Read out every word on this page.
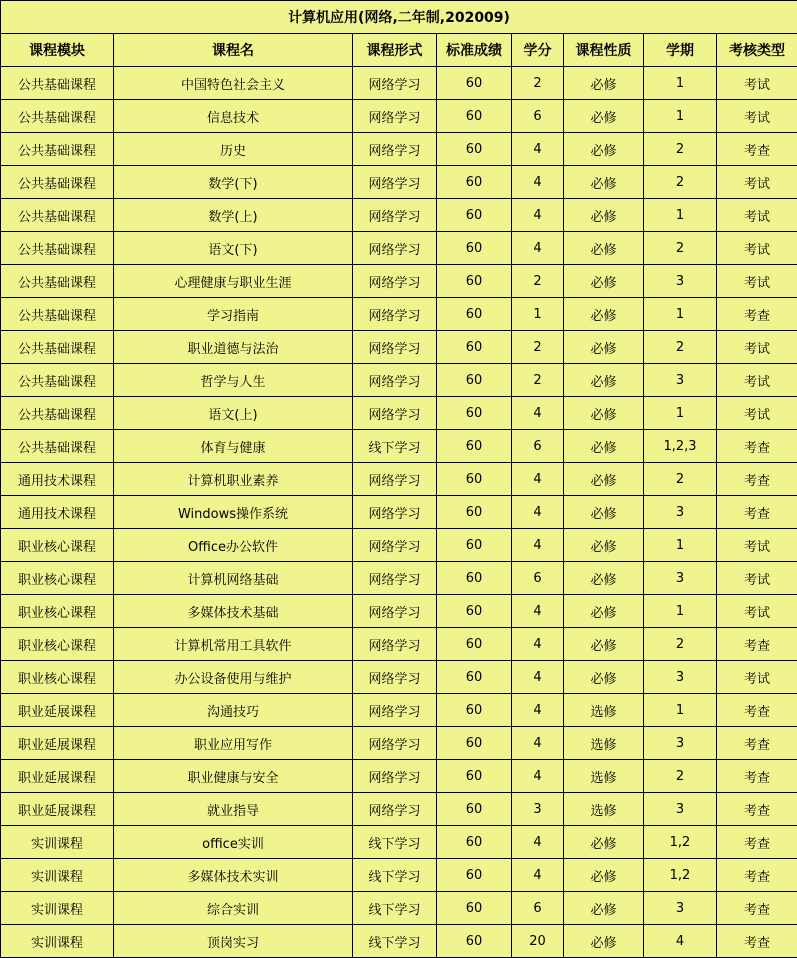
计算机应用(网络,二年制,202009)							
课程模块	课程名	课程形式	标准成绩	学分	课程性质	学期	考核类型
公共基础课程	中国特色社会主义	网络学习	60	2	必修	1	考试
公共基础课程	信息技术	网络学习	60	6	必修	1	考试
公共基础课程	历史	网络学习	60	4	必修	2	考查
公共基础课程	数学(下)	网络学习	60	4	必修	2	考试
公共基础课程	数学(上)	网络学习	60	4	必修	1	考试
公共基础课程	语文(下)	网络学习	60	4	必修	2	考试
公共基础课程	心理健康与职业生涯	网络学习	60	2	必修	3	考试
公共基础课程	学习指南	网络学习	60	1	必修	1	考查
公共基础课程	职业道德与法治	网络学习	60	2	必修	2	考试
公共基础课程	哲学与人生	网络学习	60	2	必修	3	考试
公共基础课程	语文(上)	网络学习	60	4	必修	1	考试
公共基础课程	体育与健康	线下学习	60	6	必修	1,2,3	考查
通用技术课程	计算机职业素养	网络学习	60	4	必修	2	考查
通用技术课程	Windows操作系统	网络学习	60	4	必修	3	考查
职业核心课程	Office办公软件	网络学习	60	4	必修	1	考试
职业核心课程	计算机网络基础	网络学习	60	6	必修	3	考试
职业核心课程	多媒体技术基础	网络学习	60	4	必修	1	考试
职业核心课程	计算机常用工具软件	网络学习	60	4	必修	2	考查
职业核心课程	办公设备使用与维护	网络学习	60	4	必修	3	考试
职业延展课程	沟通技巧	网络学习	60	4	选修	1	考查
职业延展课程	职业应用写作	网络学习	60	4	选修	3	考查
职业延展课程	职业健康与安全	网络学习	60	4	选修	2	考查
职业延展课程	就业指导	网络学习	60	3	选修	3	考查
实训课程	office实训	线下学习	60	4	必修	1,2	考查
实训课程	多媒体技术实训	线下学习	60	4	必修	1,2	考查
实训课程	综合实训	线下学习	60	6	必修	3	考查
实训课程	顶岗实习	线下学习	60	20	必修	4	考查
